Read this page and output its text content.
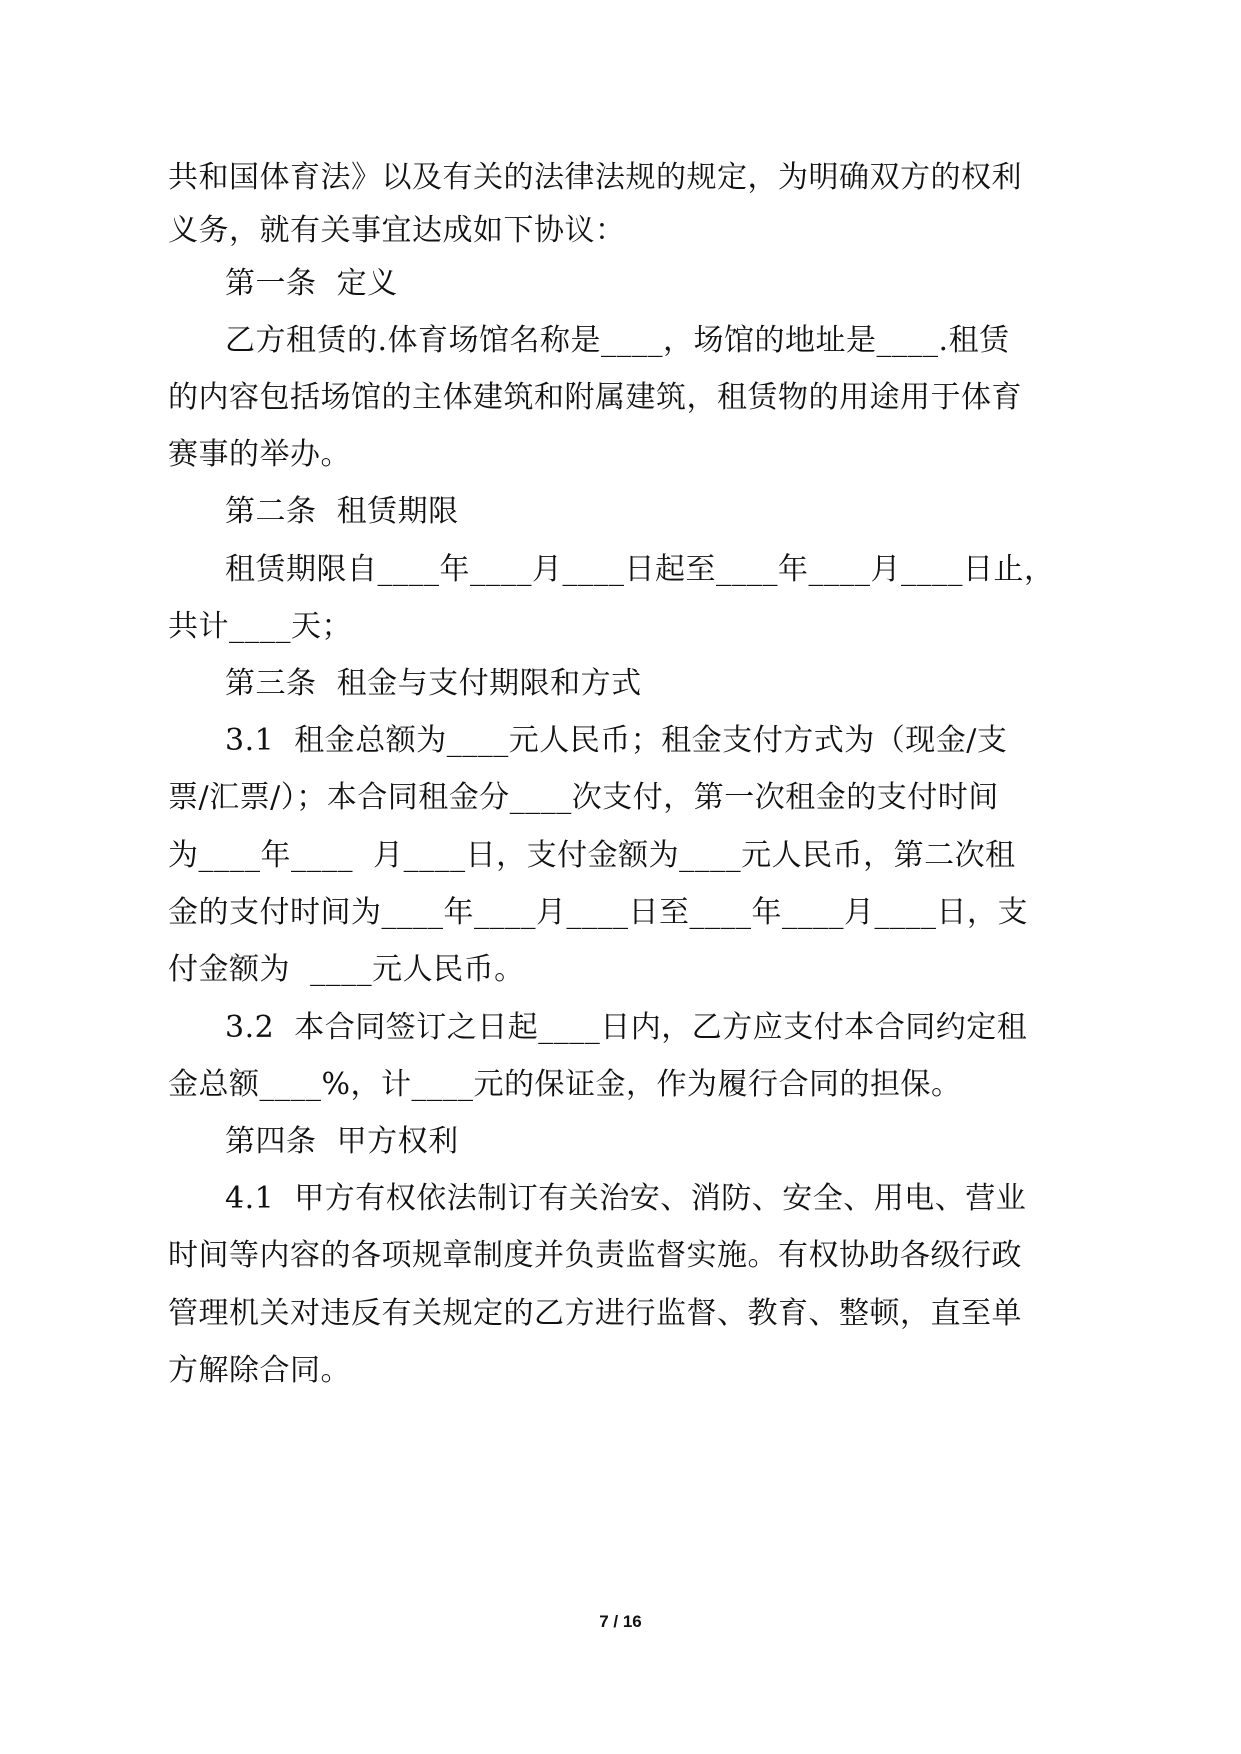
共和国体育法》以及有关的法律法规的规定，为明确双方的权利
义务，就有关事宜达成如下协议：
第一条  定义
乙方租赁的.体育场馆名称是____，场馆的地址是____.租赁
的内容包括场馆的主体建筑和附属建筑，租赁物的用途用于体育
赛事的举办。
第二条  租赁期限
租赁期限自____年____月____日起至____年____月____日止，
共计____天；
第三条  租金与支付期限和方式
3.1  租金总额为____元人民币；租金支付方式为（现金/支
票/汇票/）；本合同租金分____次支付，第一次租金的支付时间
为____年____  月____日，支付金额为____元人民币，第二次租
金的支付时间为____年____月____日至____年____月____日，支
付金额为  ____元人民币。
3.2  本合同签订之日起____日内，乙方应支付本合同约定租
金总额____%，计____元的保证金，作为履行合同的担保。
第四条  甲方权利
4.1  甲方有权依法制订有关治安、消防、安全、用电、营业
时间等内容的各项规章制度并负责监督实施。有权协助各级行政
管理机关对违反有关规定的乙方进行监督、教育、整顿，直至单
方解除合同。
7 / 16
